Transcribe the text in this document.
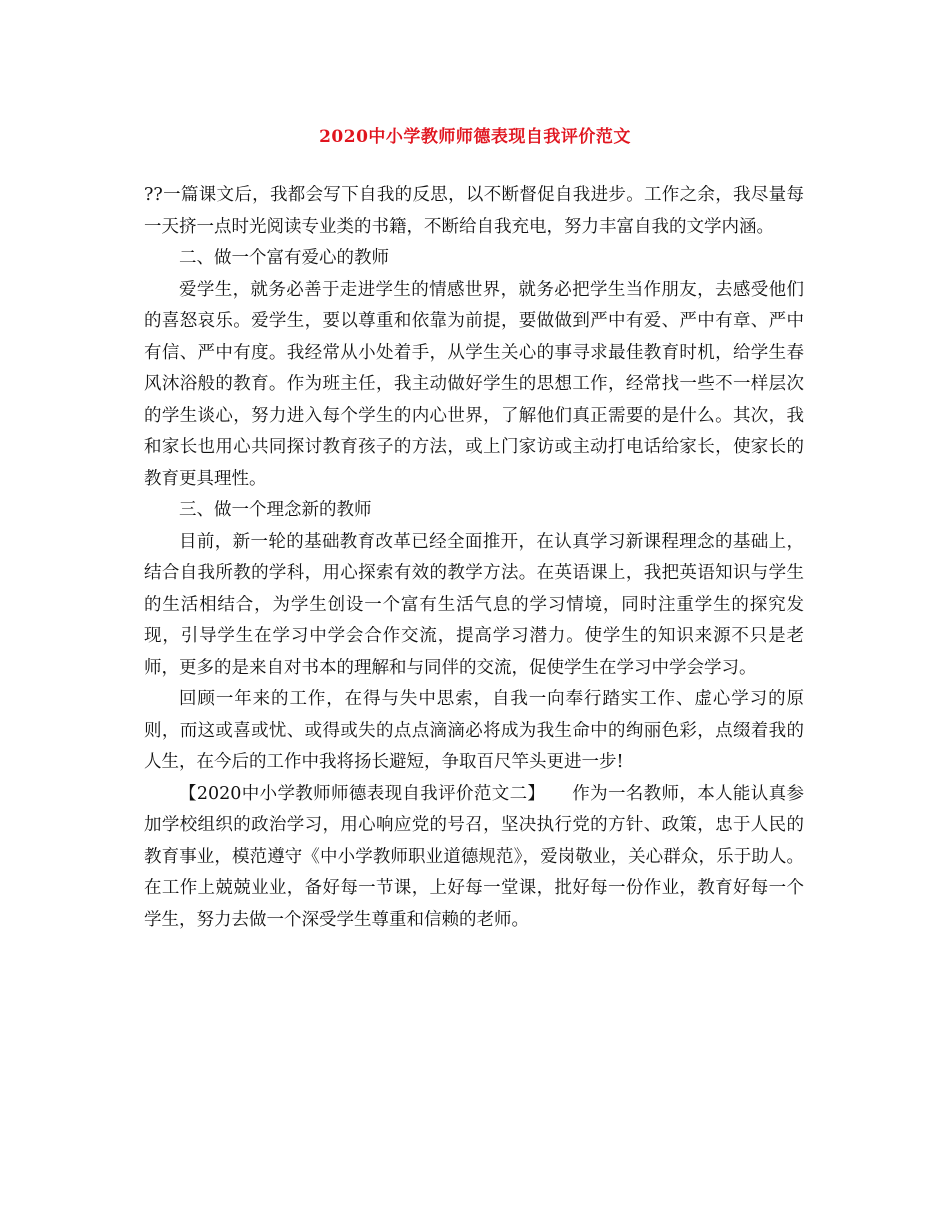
2020中小学教师师德表现自我评价范文

??一篇课文后，我都会写下自我的反思，以不断督促自我进步。工作之余，我尽量每一天挤一点时光阅读专业类的书籍，不断给自我充电，努力丰富自我的文学内涵。

二、做一个富有爱心的教师

爱学生，就务必善于走进学生的情感世界，就务必把学生当作朋友，去感受他们的喜怒哀乐。爱学生，要以尊重和依靠为前提，要做做到严中有爱、严中有章、严中有信、严中有度。我经常从小处着手，从学生关心的事寻求最佳教育时机，给学生春风沐浴般的教育。作为班主任，我主动做好学生的思想工作，经常找一些不一样层次的学生谈心，努力进入每个学生的内心世界，了解他们真正需要的是什么。其次，我和家长也用心共同探讨教育孩子的方法，或上门家访或主动打电话给家长，使家长的教育更具理性。

三、做一个理念新的教师

目前，新一轮的基础教育改革已经全面推开，在认真学习新课程理念的基础上，结合自我所教的学科，用心探索有效的教学方法。在英语课上，我把英语知识与学生的生活相结合，为学生创设一个富有生活气息的学习情境，同时注重学生的探究发现，引导学生在学习中学会合作交流，提高学习潜力。使学生的知识来源不只是老师，更多的是来自对书本的理解和与同伴的交流，促使学生在学习中学会学习。

回顾一年来的工作，在得与失中思索，自我一向奉行踏实工作、虚心学习的原则，而这或喜或忧、或得或失的点点滴滴必将成为我生命中的绚丽色彩，点缀着我的人生，在今后的工作中我将扬长避短，争取百尺竿头更进一步!

【2020中小学教师师德表现自我评价范文二】　　作为一名教师，本人能认真参加学校组织的政治学习，用心响应党的号召，坚决执行党的方针、政策，忠于人民的教育事业，模范遵守《中小学教师职业道德规范》，爱岗敬业，关心群众，乐于助人。在工作上兢兢业业，备好每一节课，上好每一堂课，批好每一份作业，教育好每一个学生，努力去做一个深受学生尊重和信赖的老师。
